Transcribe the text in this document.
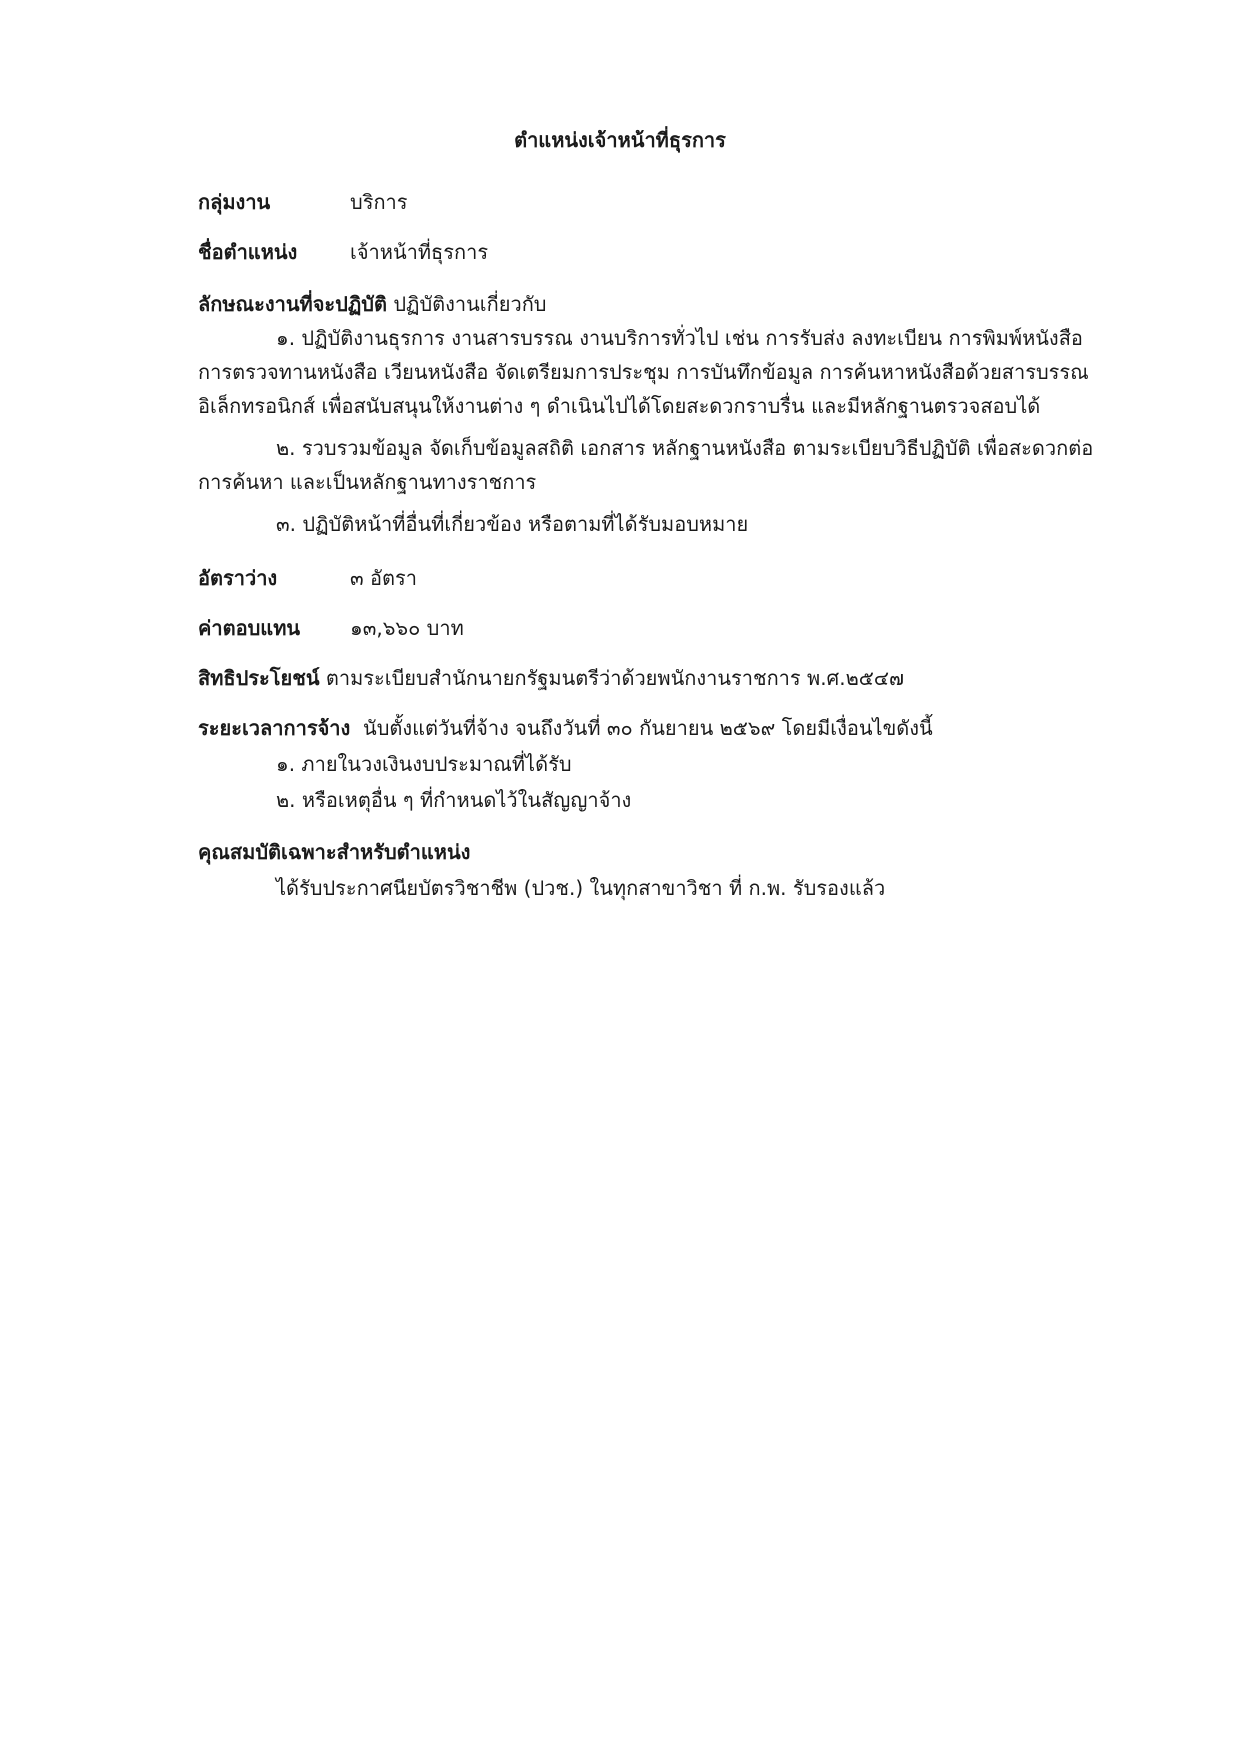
ตำแหน่งเจ้าหน้าที่ธุรการ
กลุ่มงาน	บริการ
ชื่อตำแหน่ง	เจ้าหน้าที่ธุรการ
ลักษณะงานที่จะปฏิบัติ ปฏิบัติงานเกี่ยวกับ
๑. ปฏิบัติงานธุรการ งานสารบรรณ งานบริการทั่วไป เช่น การรับส่ง ลงทะเบียน การพิมพ์หนังสือ
การตรวจทานหนังสือ เวียนหนังสือ จัดเตรียมการประชุม การบันทึกข้อมูล การค้นหาหนังสือด้วยสารบรรณ
อิเล็กทรอนิกส์ เพื่อสนับสนุนให้งานต่าง ๆ ดำเนินไปได้โดยสะดวกราบรื่น และมีหลักฐานตรวจสอบได้
๒. รวบรวมข้อมูล จัดเก็บข้อมูลสถิติ เอกสาร หลักฐานหนังสือ ตามระเบียบวิธีปฏิบัติ เพื่อสะดวกต่อ
การค้นหา และเป็นหลักฐานทางราชการ
๓. ปฏิบัติหน้าที่อื่นที่เกี่ยวข้อง หรือตามที่ได้รับมอบหมาย
อัตราว่าง	๓ อัตรา
ค่าตอบแทน ๑๓,๖๖๐ บาท
สิทธิประโยชน์ ตามระเบียบสำนักนายกรัฐมนตรีว่าด้วยพนักงานราชการ พ.ศ.๒๕๔๗
ระยะเวลาการจ้าง นับตั้งแต่วันที่จ้าง จนถึงวันที่ ๓๐ กันยายน ๒๕๖๙ โดยมีเงื่อนไขดังนี้
๑. ภายในวงเงินงบประมาณที่ได้รับ
๒. หรือเหตุอื่น ๆ ที่กำหนดไว้ในสัญญาจ้าง
คุณสมบัติเฉพาะสำหรับตำแหน่ง
ได้รับประกาศนียบัตรวิชาชีพ (ปวช.) ในทุกสาขาวิชา ที่ ก.พ. รับรองแล้ว
